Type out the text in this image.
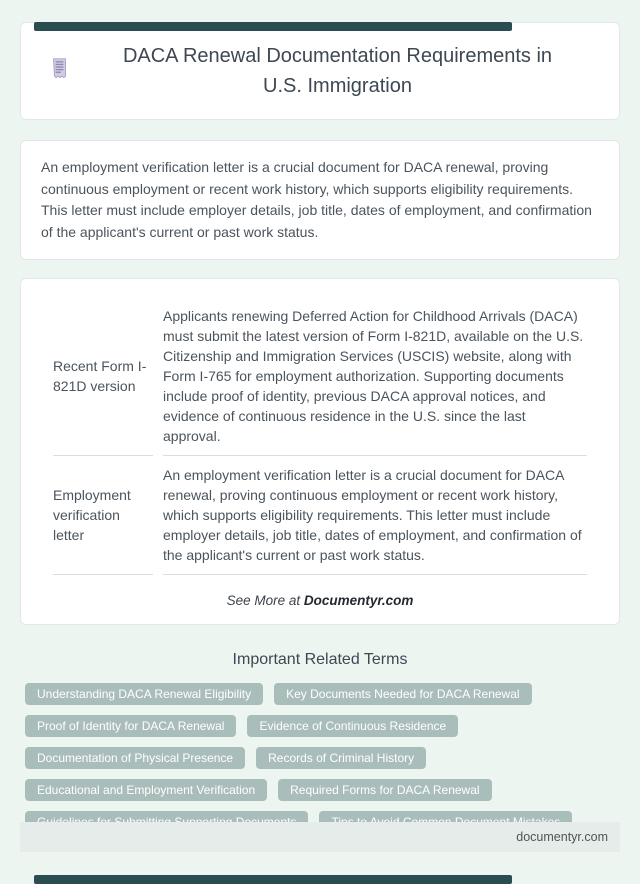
DACA Renewal Documentation Requirements in U.S. Immigration

An employment verification letter is a crucial document for DACA renewal, proving continuous employment or recent work history, which supports eligibility requirements. This letter must include employer details, job title, dates of employment, and confirmation of the applicant's current or past work status.

Recent Form I-821D version	Applicants renewing Deferred Action for Childhood Arrivals (DACA) must submit the latest version of Form I-821D, available on the U.S. Citizenship and Immigration Services (USCIS) website, along with Form I-765 for employment authorization. Supporting documents include proof of identity, previous DACA approval notices, and evidence of continuous residence in the U.S. since the last approval.
Employment verification letter	An employment verification letter is a crucial document for DACA renewal, proving continuous employment or recent work history, which supports eligibility requirements. This letter must include employer details, job title, dates of employment, and confirmation of the applicant's current or past work status.
See More at Documentyr.com
Important Related Terms
Understanding DACA Renewal Eligibility	Key Documents Needed for DACA Renewal
Proof of Identity for DACA Renewal	Evidence of Continuous Residence
Documentation of Physical Presence	Records of Criminal History
Educational and Employment Verification	Required Forms for DACA Renewal
documentyr.com
